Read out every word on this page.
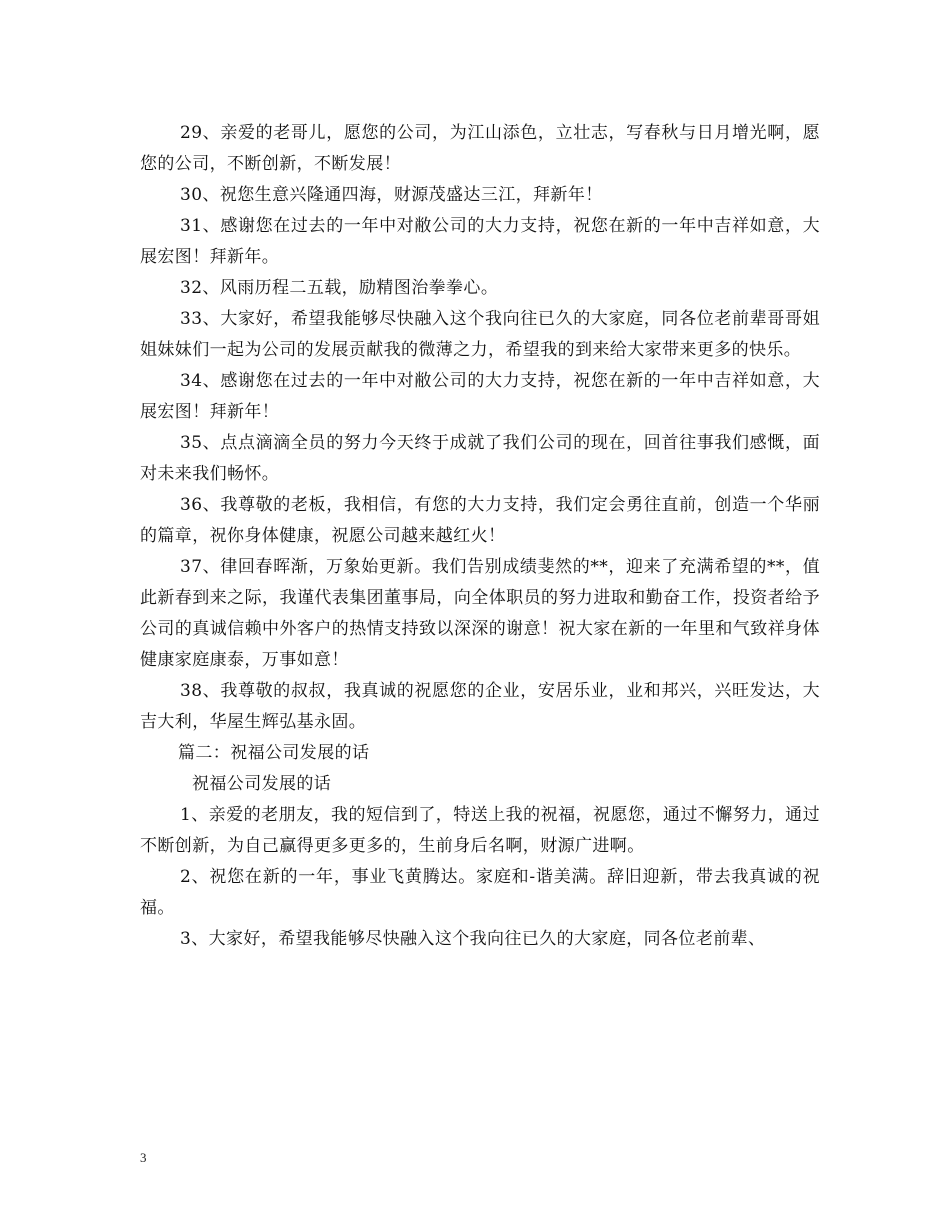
29、亲爱的老哥儿，愿您的公司，为江山添色，立壮志，写春秋与日月增光啊，愿您的公司，不断创新，不断发展！

30、祝您生意兴隆通四海，财源茂盛达三江，拜新年！

31、感谢您在过去的一年中对敝公司的大力支持，祝您在新的一年中吉祥如意，大展宏图！拜新年。

32、风雨历程二五载，励精图治拳拳心。

33、大家好，希望我能够尽快融入这个我向往已久的大家庭，同各位老前辈哥哥姐姐妹妹们一起为公司的发展贡献我的微薄之力，希望我的到来给大家带来更多的快乐。

34、感谢您在过去的一年中对敝公司的大力支持，祝您在新的一年中吉祥如意，大展宏图！拜新年！

35、点点滴滴全员的努力今天终于成就了我们公司的现在，回首往事我们感慨，面对未来我们畅怀。

36、我尊敬的老板，我相信，有您的大力支持，我们定会勇往直前，创造一个华丽的篇章，祝你身体健康，祝愿公司越来越红火！

37、律回春晖渐，万象始更新。我们告别成绩斐然的**，迎来了充满希望的**，值此新春到来之际，我谨代表集团董事局，向全体职员的努力进取和勤奋工作，投资者给予公司的真诚信赖中外客户的热情支持致以深深的谢意！祝大家在新的一年里和气致祥身体健康家庭康泰，万事如意！

38、我尊敬的叔叔，我真诚的祝愿您的企业，安居乐业，业和邦兴，兴旺发达，大吉大利，华屋生辉弘基永固。

篇二：祝福公司发展的话

祝福公司发展的话

1、亲爱的老朋友，我的短信到了，特送上我的祝福，祝愿您，通过不懈努力，通过不断创新，为自己赢得更多更多的，生前身后名啊，财源广进啊。

2、祝您在新的一年，事业飞黄腾达。家庭和-谐美满。辞旧迎新，带去我真诚的祝福。

3、大家好，希望我能够尽快融入这个我向往已久的大家庭，同各位老前辈、

3
